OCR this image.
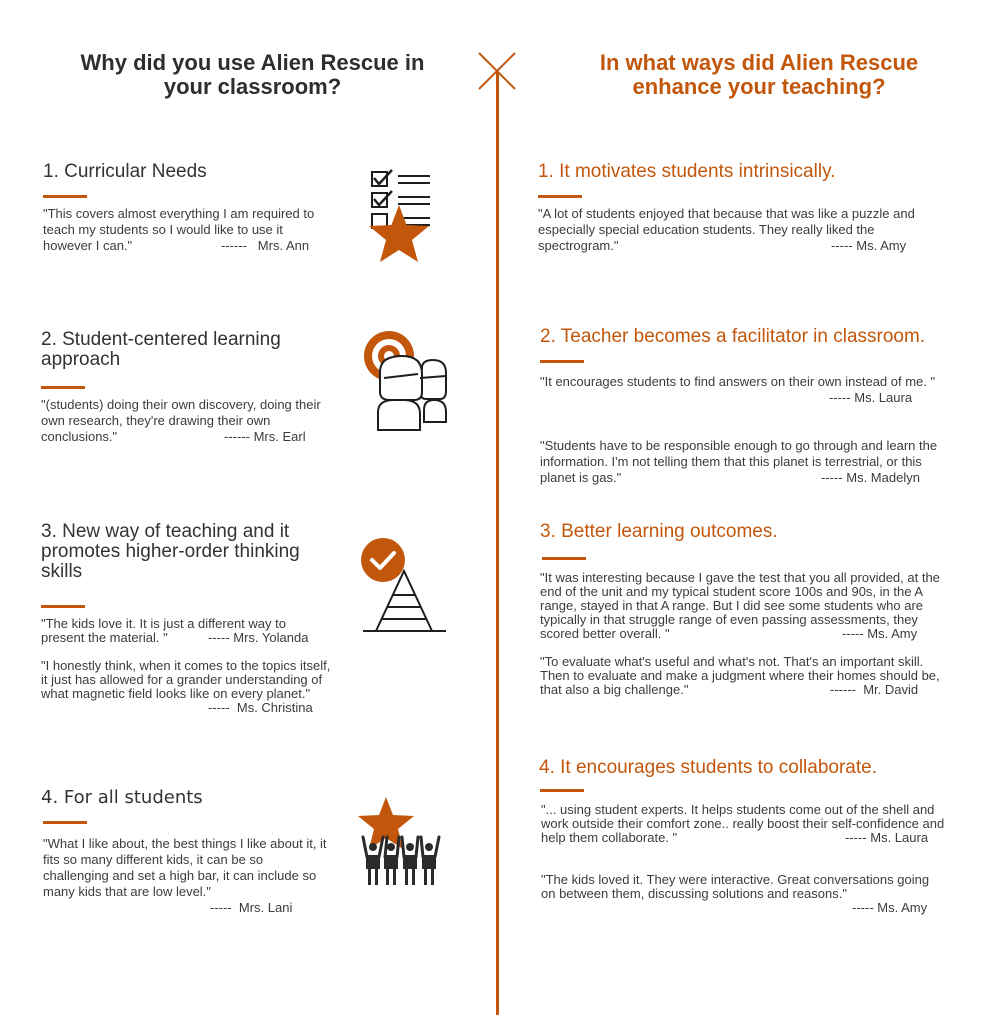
Why did you use Alien Rescue in your classroom?
In what ways did Alien Rescue enhance your teaching?
1. Curricular Needs
"This covers almost everything I am required to teach my students so I would like to use it however I can."	------   Mrs. Ann
2. Student-centered learning approach
"(students) doing their own discovery, doing their own research, they're drawing their own conclusions."	------ Mrs. Earl
3. New way of teaching and it promotes higher-order thinking skills
"The kids love it. It is just a different way to present the material. "	----- Mrs. Yolanda
"I honestly think, when it comes to the topics itself, it just has allowed for a grander understanding of what magnetic field looks like on every planet."
-----  Ms. Christina
4. For all students
"What I like about, the best things I like about it, it fits so many different kids, it can be so challenging and set a high bar, it can include so many kids that are low level."
-----  Mrs. Lani
1. It motivates students intrinsically.
"A lot of students enjoyed that because that was like a puzzle and especially special education students. They really liked the spectrogram."	----- Ms. Amy
2. Teacher becomes a facilitator in classroom.
"It encourages students to find answers on their own instead of me. "
----- Ms. Laura
"Students have to be responsible enough to go through and learn the information. I'm not telling them that this planet is terrestrial, or this planet is gas."	----- Ms. Madelyn
3. Better learning outcomes.
"It was interesting because I gave the test that you all provided, at the end of the unit and my typical student score 100s and 90s, in the A range, stayed in that A range. But I did see some students who are typically in that struggle range of even passing assessments, they scored better overall. "	----- Ms. Amy
"To evaluate what's useful and what's not. That's an important skill. Then to evaluate and make a judgment where their homes should be, that also a big challenge."	------  Mr. David
4. It encourages students to collaborate.
"... using student experts. It helps students come out of the shell and work outside their comfort zone.. really boost their self-confidence and help them collaborate. "	----- Ms. Laura
"The kids loved it. They were interactive. Great conversations going on between them, discussing solutions and reasons."
----- Ms. Amy
